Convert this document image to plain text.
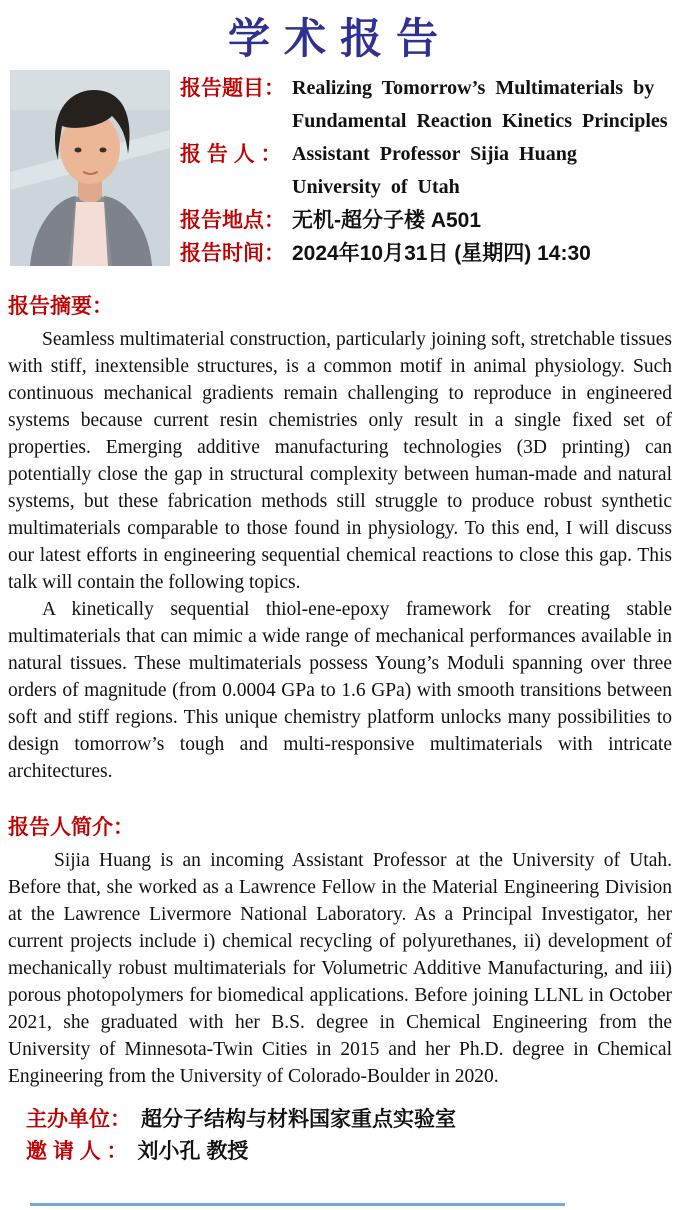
学术报告
报告题目： Realizing Tomorrow’s Multimaterials by
Fundamental Reaction Kinetics Principles
报 告 人 ： Assistant Professor Sijia Huang
University of Utah
报告地点： 无机-超分子楼 A501
报告时间： 2024年10月31日 (星期四) 14:30
报告摘要：

Seamless multimaterial construction, particularly joining soft, stretchable tissues with stiff, inextensible structures, is a common motif in animal physiology. Such continuous mechanical gradients remain challenging to reproduce in engineered systems because current resin chemistries only result in a single fixed set of properties. Emerging additive manufacturing technologies (3D printing) can potentially close the gap in structural complexity between human-made and natural systems, but these fabrication methods still struggle to produce robust synthetic multimaterials comparable to those found in physiology. To this end, I will discuss our latest efforts in engineering sequential chemical reactions to close this gap. This talk will contain the following topics.

A kinetically sequential thiol-ene-epoxy framework for creating stable multimaterials that can mimic a wide range of mechanical performances available in natural tissues. These multimaterials possess Young’s Moduli spanning over three orders of magnitude (from 0.0004 GPa to 1.6 GPa) with smooth transitions between soft and stiff regions. This unique chemistry platform unlocks many possibilities to design tomorrow’s tough and multi-responsive multimaterials with intricate architectures.

报告人简介：

Sijia Huang is an incoming Assistant Professor at the University of Utah. Before that, she worked as a Lawrence Fellow in the Material Engineering Division at the Lawrence Livermore National Laboratory. As a Principal Investigator, her current projects include i) chemical recycling of polyurethanes, ii) development of mechanically robust multimaterials for Volumetric Additive Manufacturing, and iii) porous photopolymers for biomedical applications. Before joining LLNL in October 2021, she graduated with her B.S. degree in Chemical Engineering from the University of Minnesota-Twin Cities in 2015 and her Ph.D. degree in Chemical Engineering from the University of Colorado-Boulder in 2020.

主办单位： 超分子结构与材料国家重点实验室
邀 请 人 ： 刘小孔 教授
